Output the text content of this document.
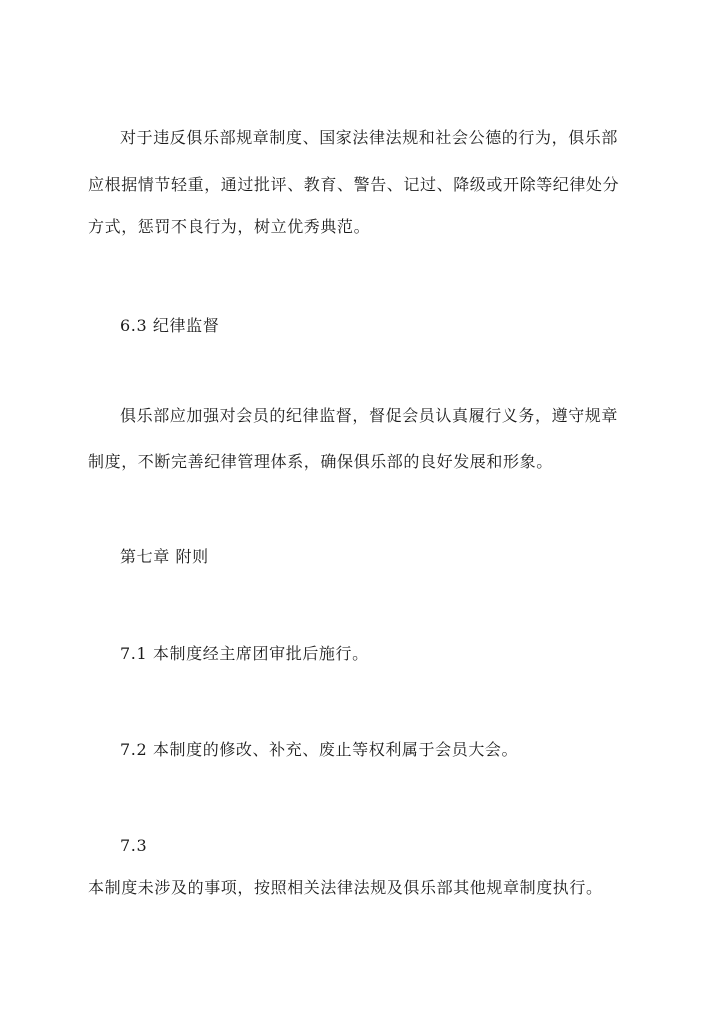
对于违反俱乐部规章制度、国家法律法规和社会公德的行为，俱乐部
应根据情节轻重，通过批评、教育、警告、记过、降级或开除等纪律处分
方式，惩罚不良行为，树立优秀典范。
6.3 纪律监督
俱乐部应加强对会员的纪律监督，督促会员认真履行义务，遵守规章
制度，不断完善纪律管理体系，确保俱乐部的良好发展和形象。
第七章 附则
7.1 本制度经主席团审批后施行。
7.2 本制度的修改、补充、废止等权利属于会员大会。
7.3
本制度未涉及的事项，按照相关法律法规及俱乐部其他规章制度执行。
